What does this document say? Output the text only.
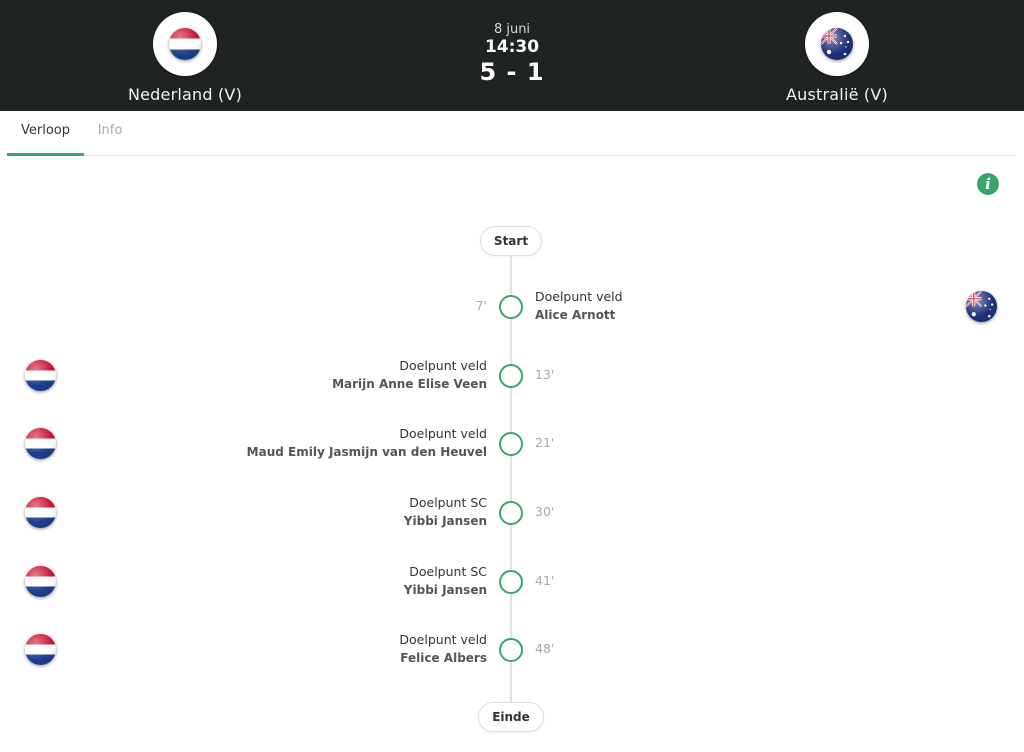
Nederland (V)
8 juni
14:30
5 - 1
Australië (V)
Verloop	Info
i
Start
7'
Doelpunt veld
Alice Arnott
Doelpunt veld
Marijn Anne Elise Veen
13'
Doelpunt veld
Maud Emily Jasmijn van den Heuvel
21'
Doelpunt SC
Yibbi Jansen
30'
Doelpunt SC
Yibbi Jansen
41'
Doelpunt veld
Felice Albers
48'
Einde
